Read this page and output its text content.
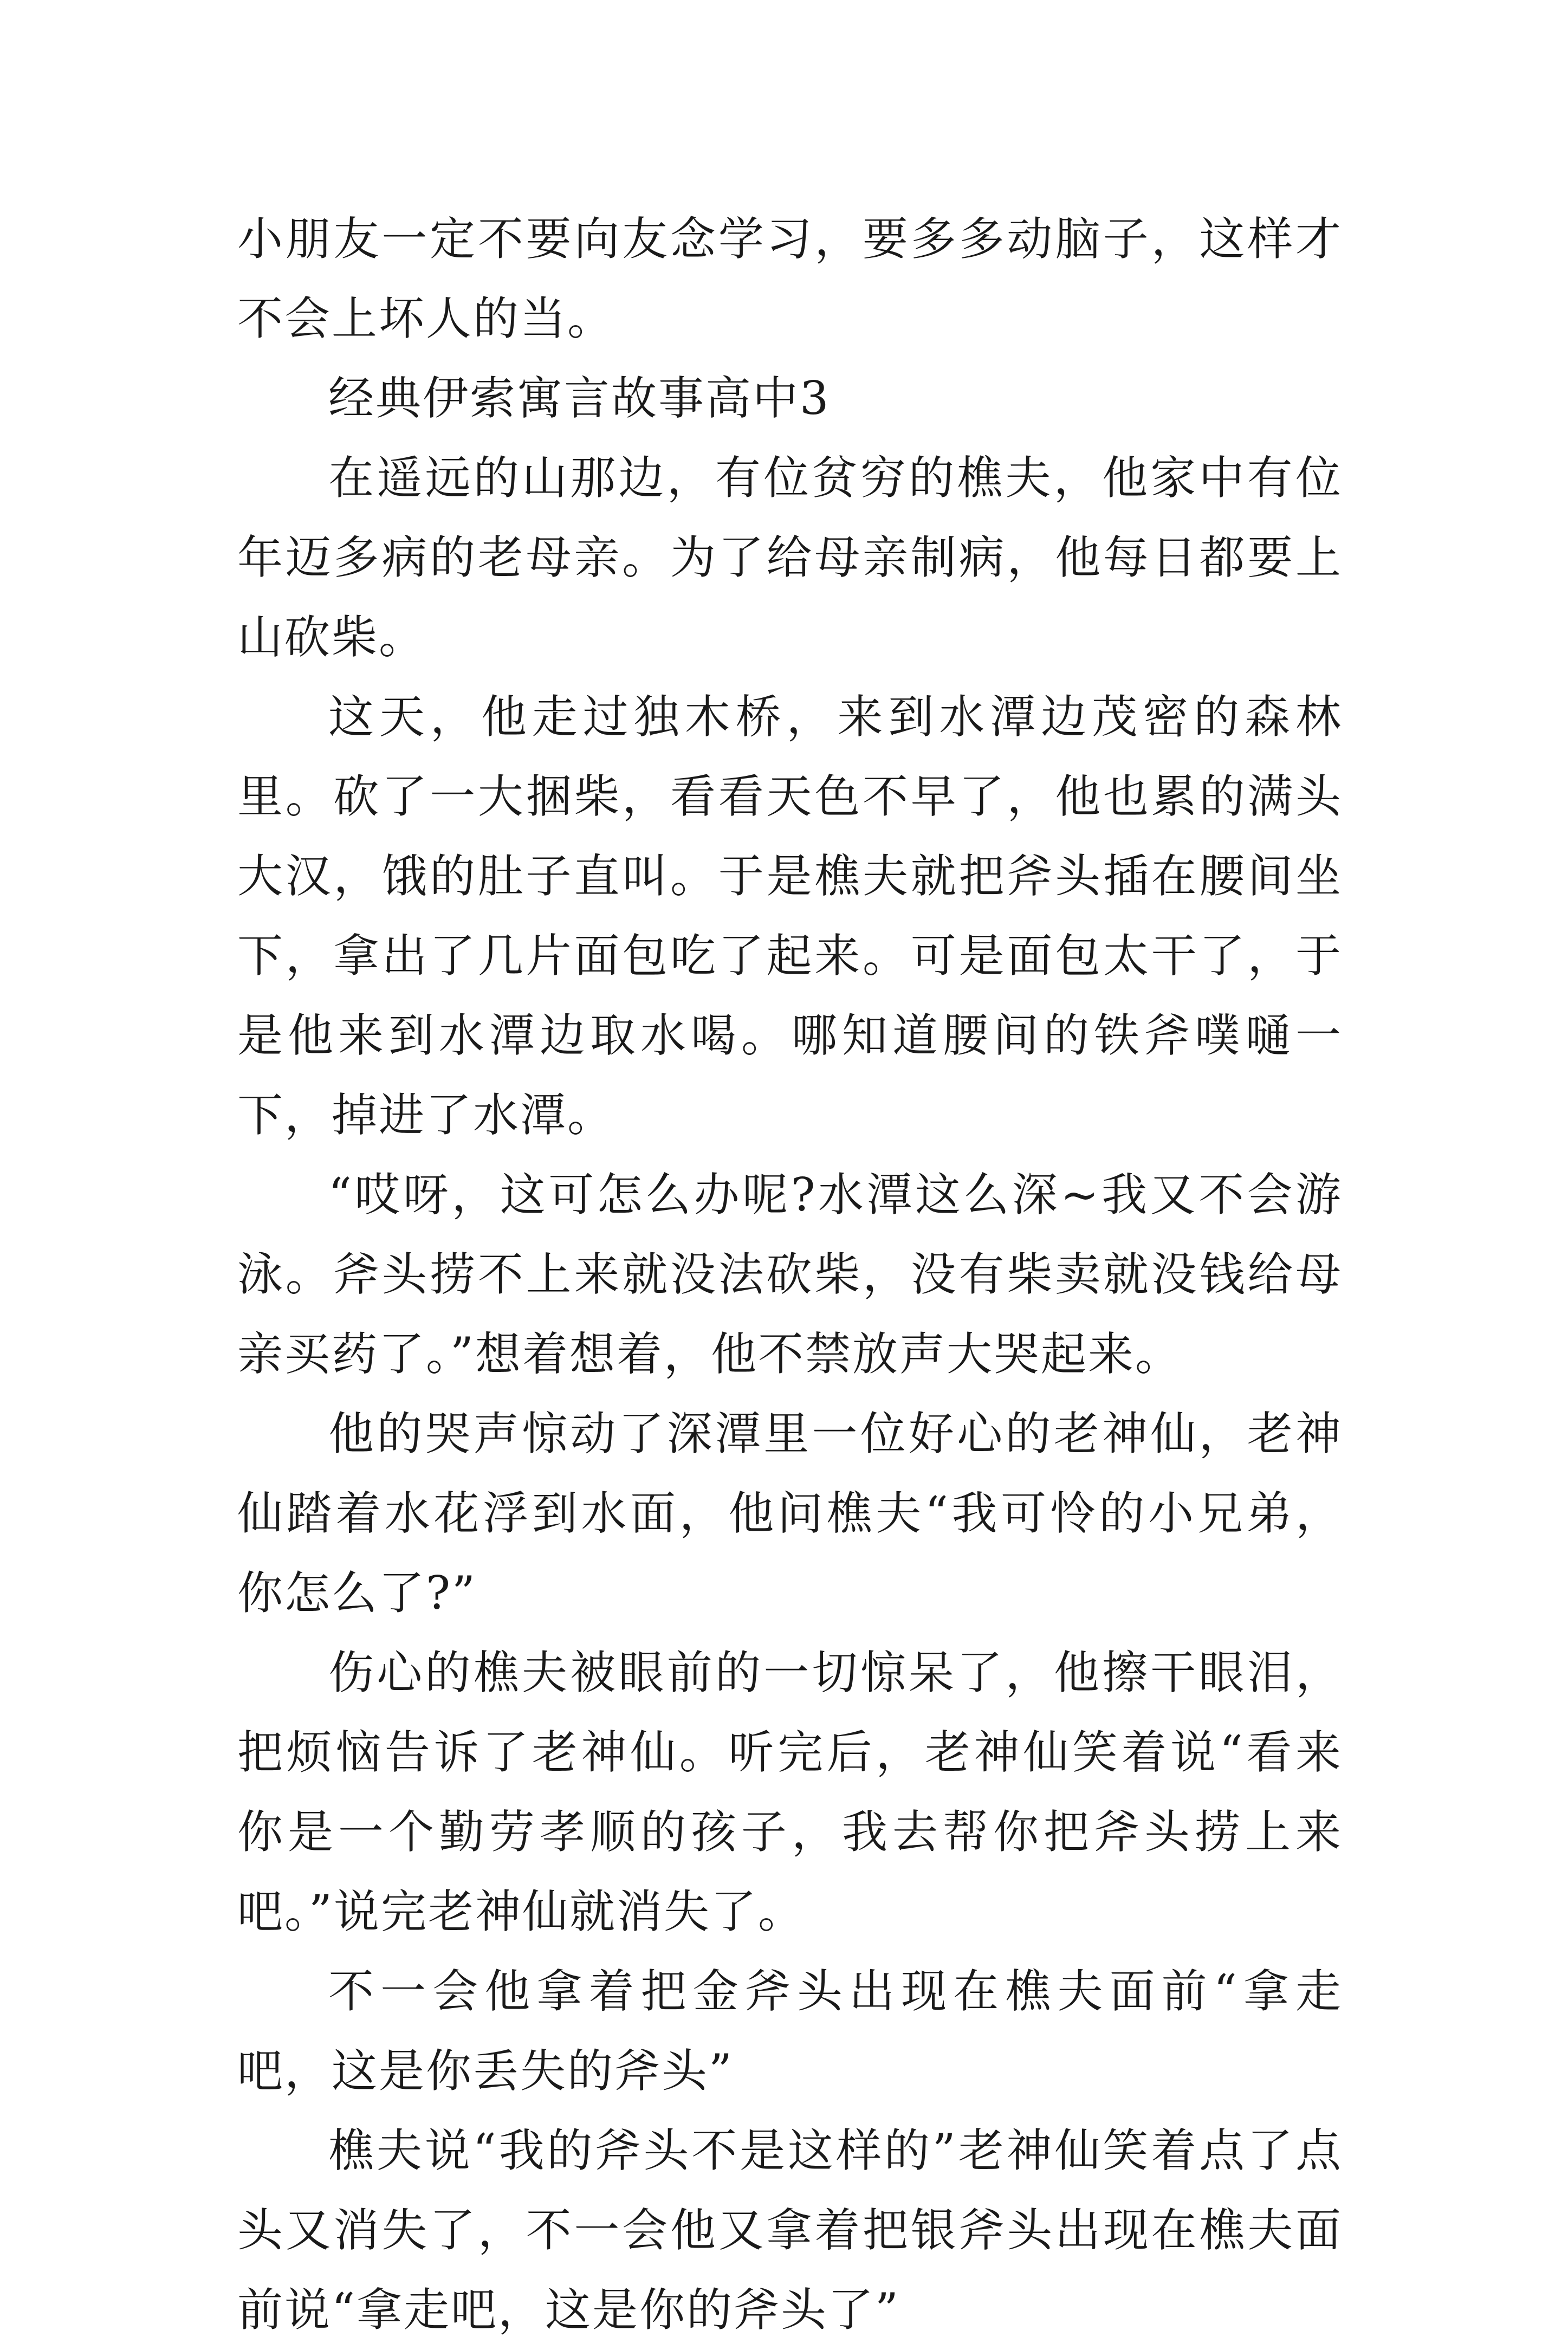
小朋友一定不要向友念学习，要多多动脑子，这样才不会上坏人的当。

经典伊索寓言故事高中3

在遥远的山那边，有位贫穷的樵夫，他家中有位年迈多病的老母亲。为了给母亲制病，他每日都要上山砍柴。

这天，他走过独木桥，来到水潭边茂密的森林里。砍了一大捆柴，看看天色不早了，他也累的满头大汉，饿的肚子直叫。于是樵夫就把斧头插在腰间坐下，拿出了几片面包吃了起来。可是面包太干了，于是他来到水潭边取水喝。哪知道腰间的铁斧噗嗵一下，掉进了水潭。

“哎呀，这可怎么办呢?水潭这么深~我又不会游泳。斧头捞不上来就没法砍柴，没有柴卖就没钱给母亲买药了。”想着想着，他不禁放声大哭起来。

他的哭声惊动了深潭里一位好心的老神仙，老神仙踏着水花浮到水面，他问樵夫“我可怜的小兄弟，你怎么了?”

伤心的樵夫被眼前的一切惊呆了，他擦干眼泪，把烦恼告诉了老神仙。听完后，老神仙笑着说“看来你是一个勤劳孝顺的孩子，我去帮你把斧头捞上来吧。”说完老神仙就消失了。

不一会他拿着把金斧头出现在樵夫面前“拿走吧，这是你丢失的斧头”

樵夫说“我的斧头不是这样的”老神仙笑着点了点头又消失了，不一会他又拿着把银斧头出现在樵夫面前说“拿走吧，这是你的斧头了”
